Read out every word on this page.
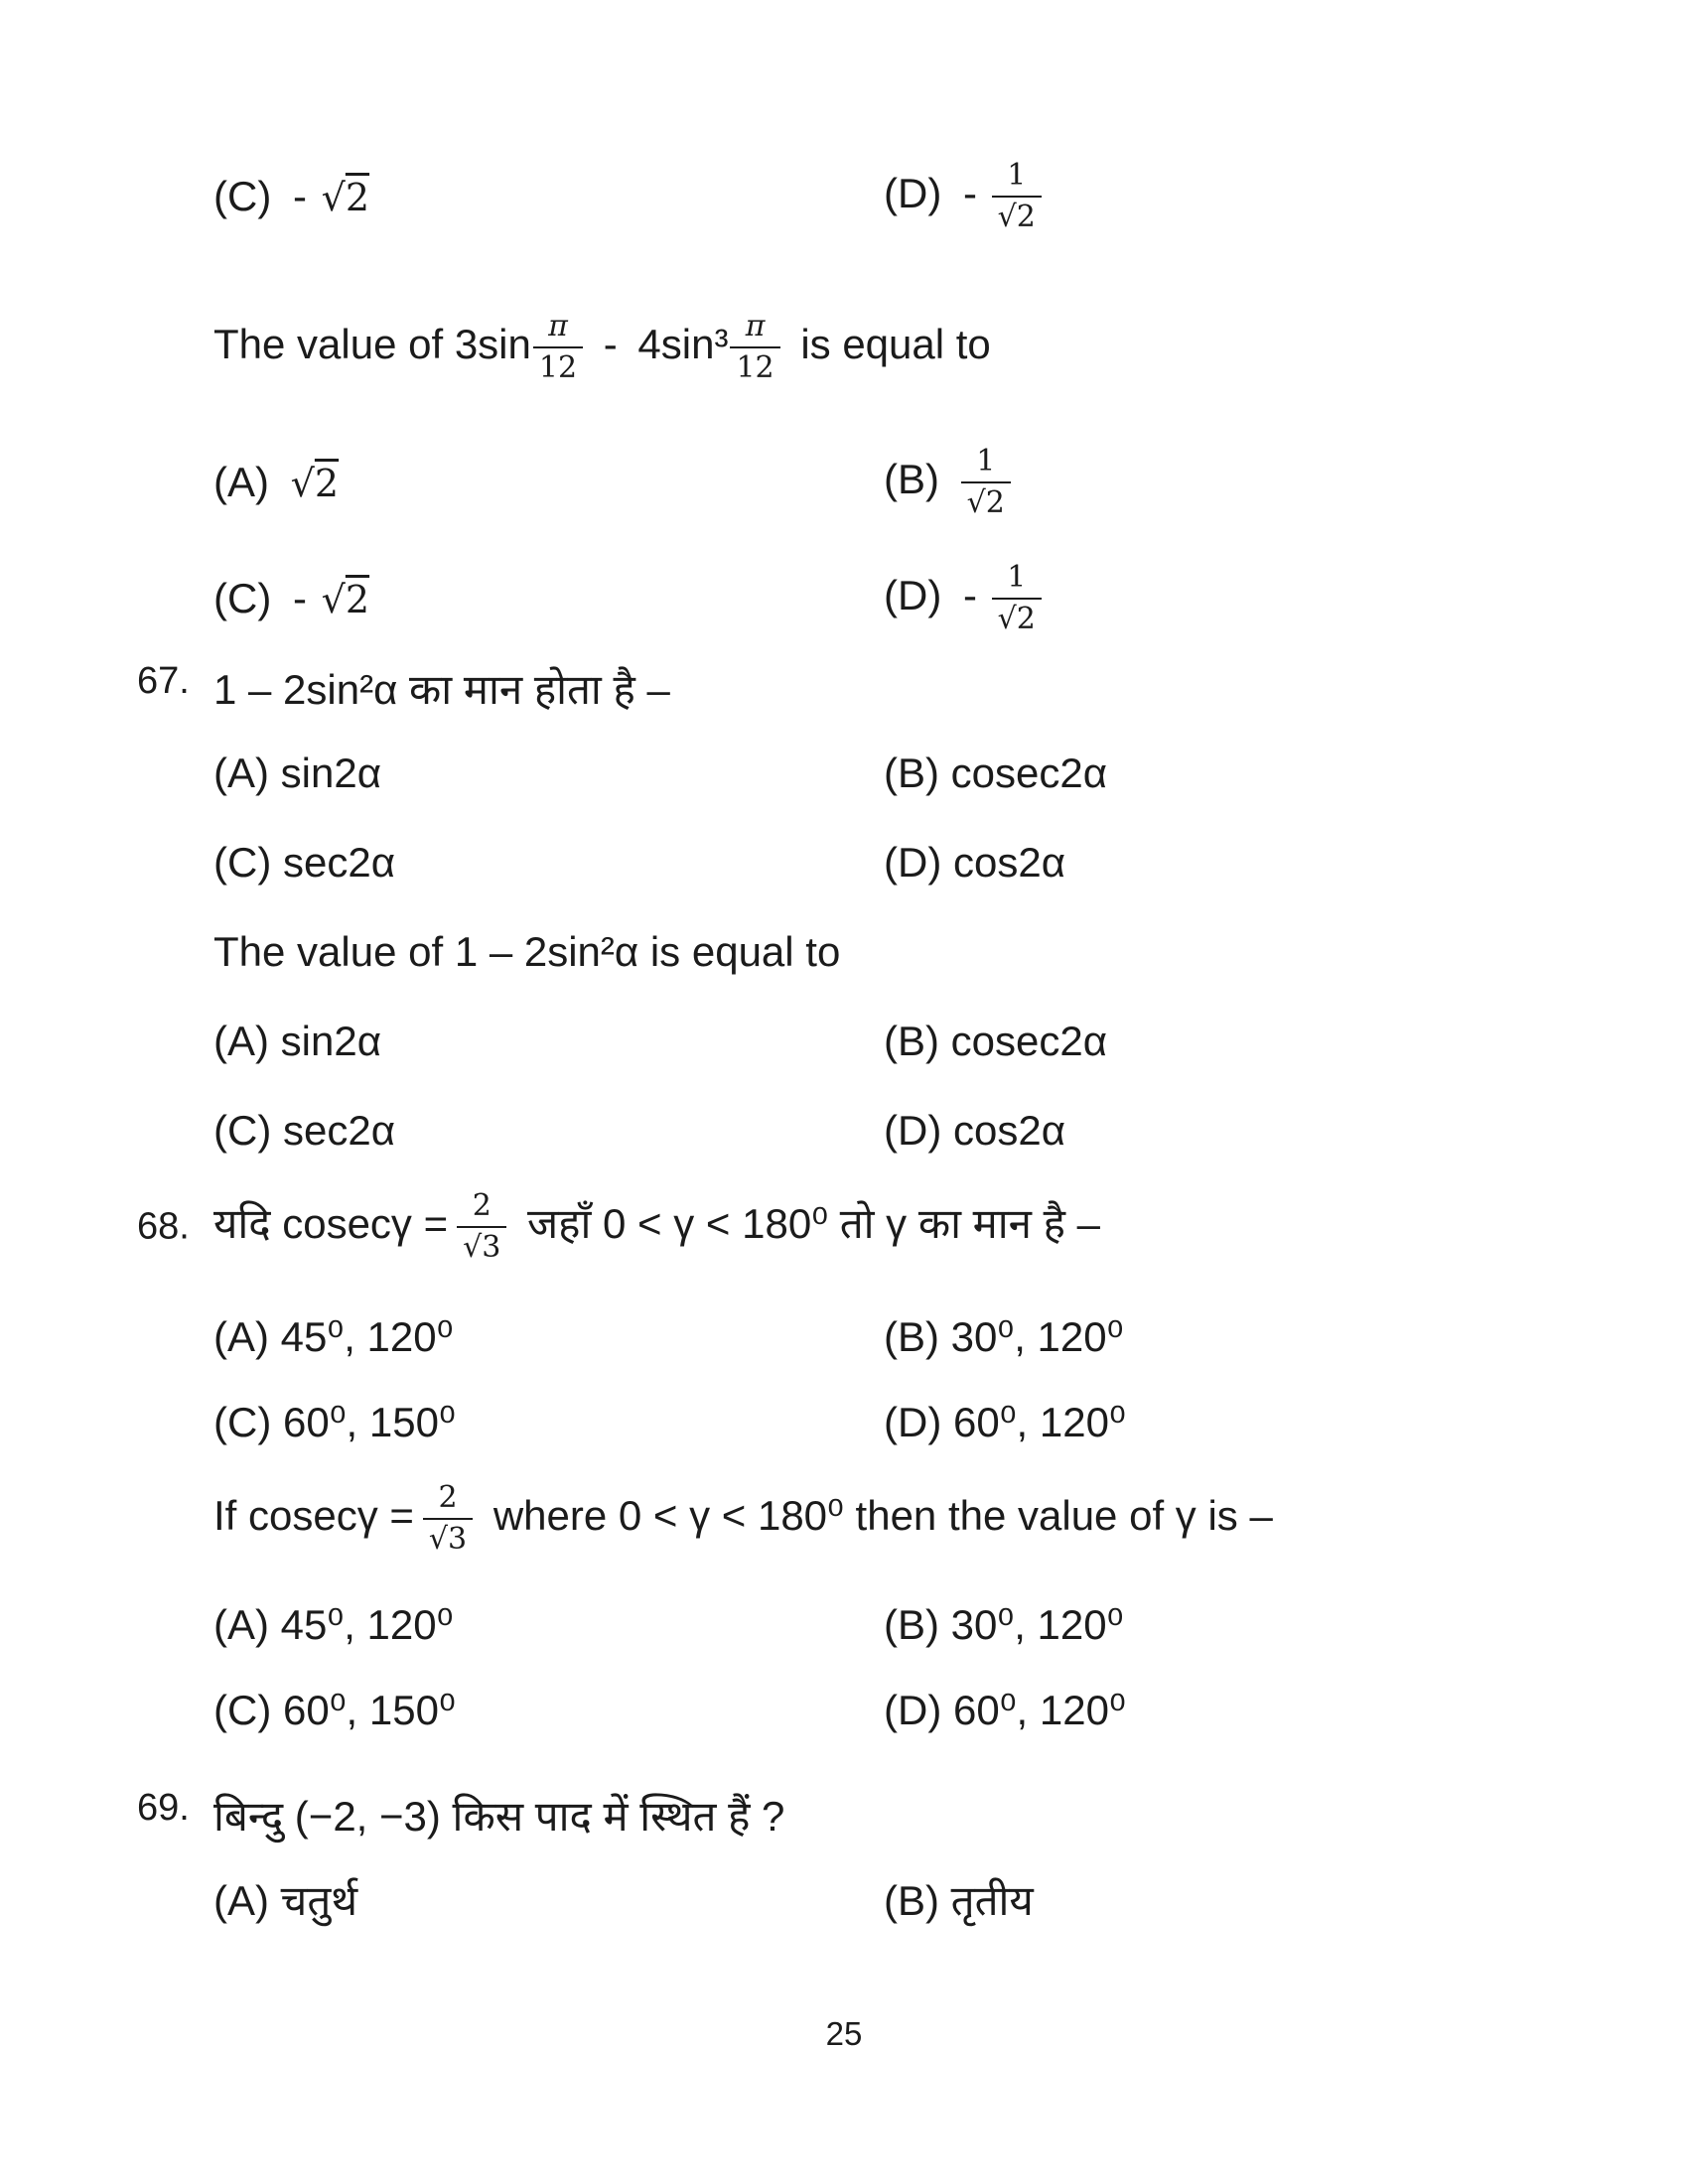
(C) - √2	$(D) - \frac{1}{√2}$
The value of $3\sin \frac{\pi}{12} - 4\sin^3 \frac{\pi}{12}$ is equal to
(A) √2	$(B) \frac{1}{√2}$
(C) - √2	$(D) - \frac{1}{√2}$
67. 1 – 2sin²α का मान होता है –
(A) sin2α	(B) cosec2α
(C) sec2α	(D) cos2α
The value of 1 – 2sin²α is equal to
(A) sin2α	(B) cosec2α
(C) sec2α	(D) cos2α
68. यदि $cosec\gamma = \frac{2}{√3}$ जहाँ 0 < γ < 180⁰ तो γ का मान है –
(A) 45⁰, 120⁰	(B) 30⁰, 120⁰
(C) 60⁰, 150⁰	(D) 60⁰, 120⁰
If $cosec\gamma = \frac{2}{√3}$ where 0 < γ < 180⁰ then the value of γ is –
(A) 45⁰, 120⁰	(B) 30⁰, 120⁰
(C) 60⁰, 150⁰	(D) 60⁰, 120⁰
69. बिन्दु (−2, −3) किस पाद में स्थित हैं ?
(A) चतुर्थ	(B) तृतीय
25
